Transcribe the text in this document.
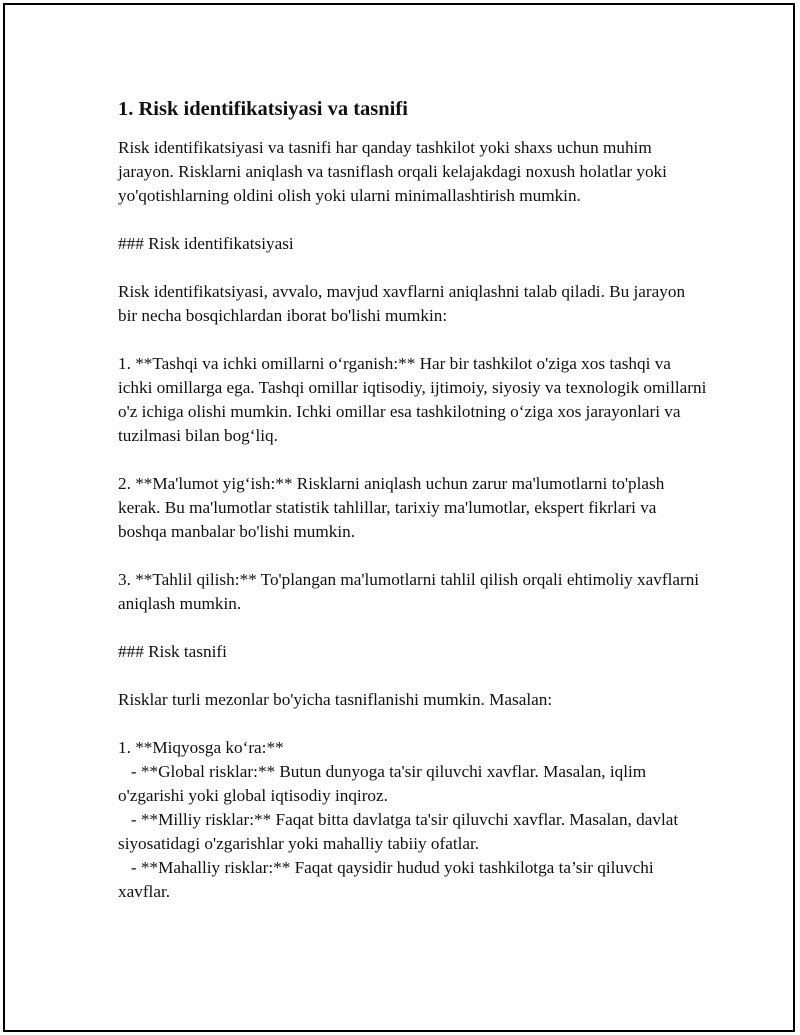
1. Risk identifikatsiyasi va tasnifi

Risk identifikatsiyasi va tasnifi har qanday tashkilot yoki shaxs uchun muhim jarayon. Risklarni aniqlash va tasniflash orqali kelajakdagi noxush holatlar yoki yo'qotishlarning oldini olish yoki ularni minimallashtirish mumkin.

### Risk identifikatsiyasi

Risk identifikatsiyasi, avvalo, mavjud xavflarni aniqlashni talab qiladi. Bu jarayon bir necha bosqichlardan iborat bo'lishi mumkin:

1. **Tashqi va ichki omillarni o‘rganish:** Har bir tashkilot o'ziga xos tashqi va ichki omillarga ega. Tashqi omillar iqtisodiy, ijtimoiy, siyosiy va texnologik omillarni o'z ichiga olishi mumkin. Ichki omillar esa tashkilotning o‘ziga xos jarayonlari va tuzilmasi bilan bog‘liq.

2. **Ma'lumot yig‘ish:** Risklarni aniqlash uchun zarur ma'lumotlarni to'plash kerak. Bu ma'lumotlar statistik tahlillar, tarixiy ma'lumotlar, ekspert fikrlari va boshqa manbalar bo'lishi mumkin.

3. **Tahlil qilish:** To'plangan ma'lumotlarni tahlil qilish orqali ehtimoliy xavflarni aniqlash mumkin.

### Risk tasnifi

Risklar turli mezonlar bo'yicha tasniflanishi mumkin. Masalan:

1. **Miqyosga ko‘ra:**
- **Global risklar:** Butun dunyoga ta'sir qiluvchi xavflar. Masalan, iqlim o'zgarishi yoki global iqtisodiy inqiroz.
- **Milliy risklar:** Faqat bitta davlatga ta'sir qiluvchi xavflar. Masalan, davlat siyosatidagi o'zgarishlar yoki mahalliy tabiiy ofatlar.
- **Mahalliy risklar:** Faqat qaysidir hudud yoki tashkilotga ta’sir qiluvchi xavflar.
